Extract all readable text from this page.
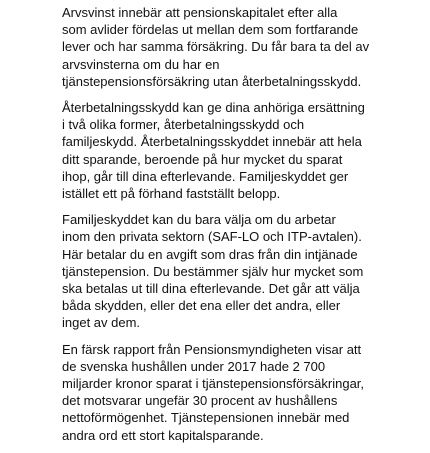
Arvsvinst innebär att pensionskapitalet efter alla
som avlider fördelas ut mellan dem som fortfarande
lever och har samma försäkring. Du får bara ta del av
arvsvinsterna om du har en
tjänstepensionsförsäkring utan återbetalningsskydd.

Återbetalningsskydd kan ge dina anhöriga ersättning
i två olika former, återbetalningsskydd och
familjeskydd. Återbetalningsskyddet innebär att hela
ditt sparande, beroende på hur mycket du sparat
ihop, går till dina efterlevande. Familjeskyddet ger
istället ett på förhand fastställt belopp.

Familjeskyddet kan du bara välja om du arbetar
inom den privata sektorn (SAF-LO och ITP-avtalen).
Här betalar du en avgift som dras från din intjänade
tjänstepension. Du bestämmer själv hur mycket som
ska betalas ut till dina efterlevande. Det går att välja
båda skydden, eller det ena eller det andra, eller
inget av dem.

En färsk rapport från Pensionsmyndigheten visar att
de svenska hushållen under 2017 hade 2 700
miljarder kronor sparat i tjänstepensionsförsäkringar,
det motsvarar ungefär 30 procent av hushållens
nettoförmögenhet. Tjänstepensionen innebär med
andra ord ett stort kapitalsparande.
